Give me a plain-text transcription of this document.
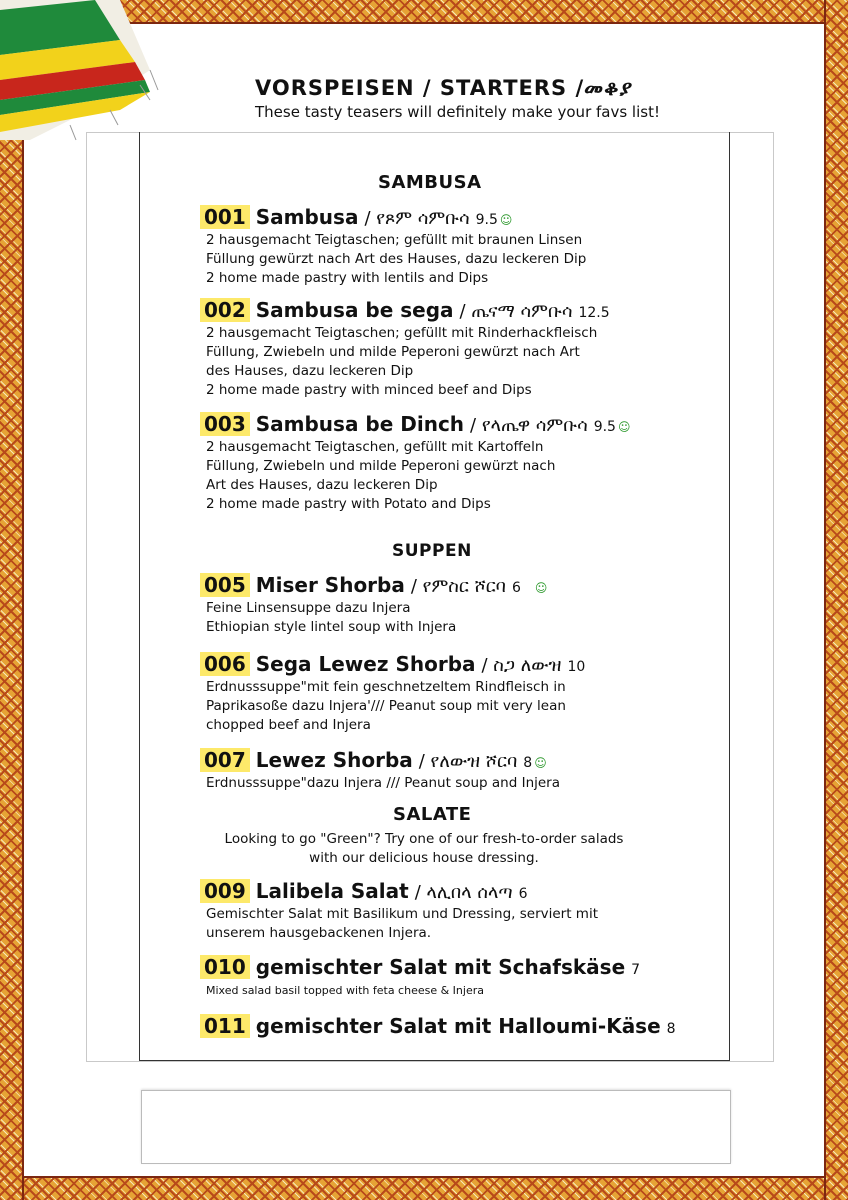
VORSPEISEN / STARTERS /መቆያ

These tasty teasers will definitely make your favs list!

SAMBUSA
001 Sambusa / የጾም ሳምቡሳ 9.5 ☺
2 hausgemacht Teigtaschen; gefüllt mit braunen Linsen
Füllung gewürzt nach Art des Hauses, dazu leckeren Dip
2 home made pastry with lentils and Dips
002 Sambusa be sega / ጤናማ ሳምቡሳ 12.5
2 hausgemacht Teigtaschen; gefüllt mit Rinderhackfleisch
Füllung, Zwiebeln und milde Peperoni gewürzt nach Art
des Hauses, dazu leckeren Dip
2 home made pastry with minced beef and Dips
003 Sambusa be Dinch / የላጤዋ ሳምቡሳ 9.5 ☺
2 hausgemacht Teigtaschen, gefüllt mit Kartoffeln
Füllung, Zwiebeln und milde Peperoni gewürzt nach
Art des Hauses, dazu leckeren Dip
2 home made pastry with Potato and Dips
SUPPEN
005 Miser Shorba / የምስር ሾርባ 6 ☺
Feine Linsensuppe dazu Injera
Ethiopian style lintel soup with Injera
006 Sega Lewez Shorba / ስጋ ለውዝ 10
Erdnusssuppe"mit fein geschnetzeltem Rindfleisch in
Paprikasoße dazu Injera'/// Peanut soup mit very lean
chopped beef and Injera
007 Lewez Shorba / የለውዝ ሾርባ 8 ☺
Erdnusssuppe"dazu Injera /// Peanut soup and Injera
SALATE
Looking to go "Green"? Try one of our fresh-to-order salads
with our delicious house dressing.
009 Lalibela Salat / ላሊበላ ሰላጣ 6
Gemischter Salat mit Basilikum und Dressing, serviert mit
unserem hausgebackenen Injera.
010 gemischter Salat mit Schafskäse 7
Mixed salad basil topped with feta cheese & Injera
011 gemischter Salat mit Halloumi-Käse 8
